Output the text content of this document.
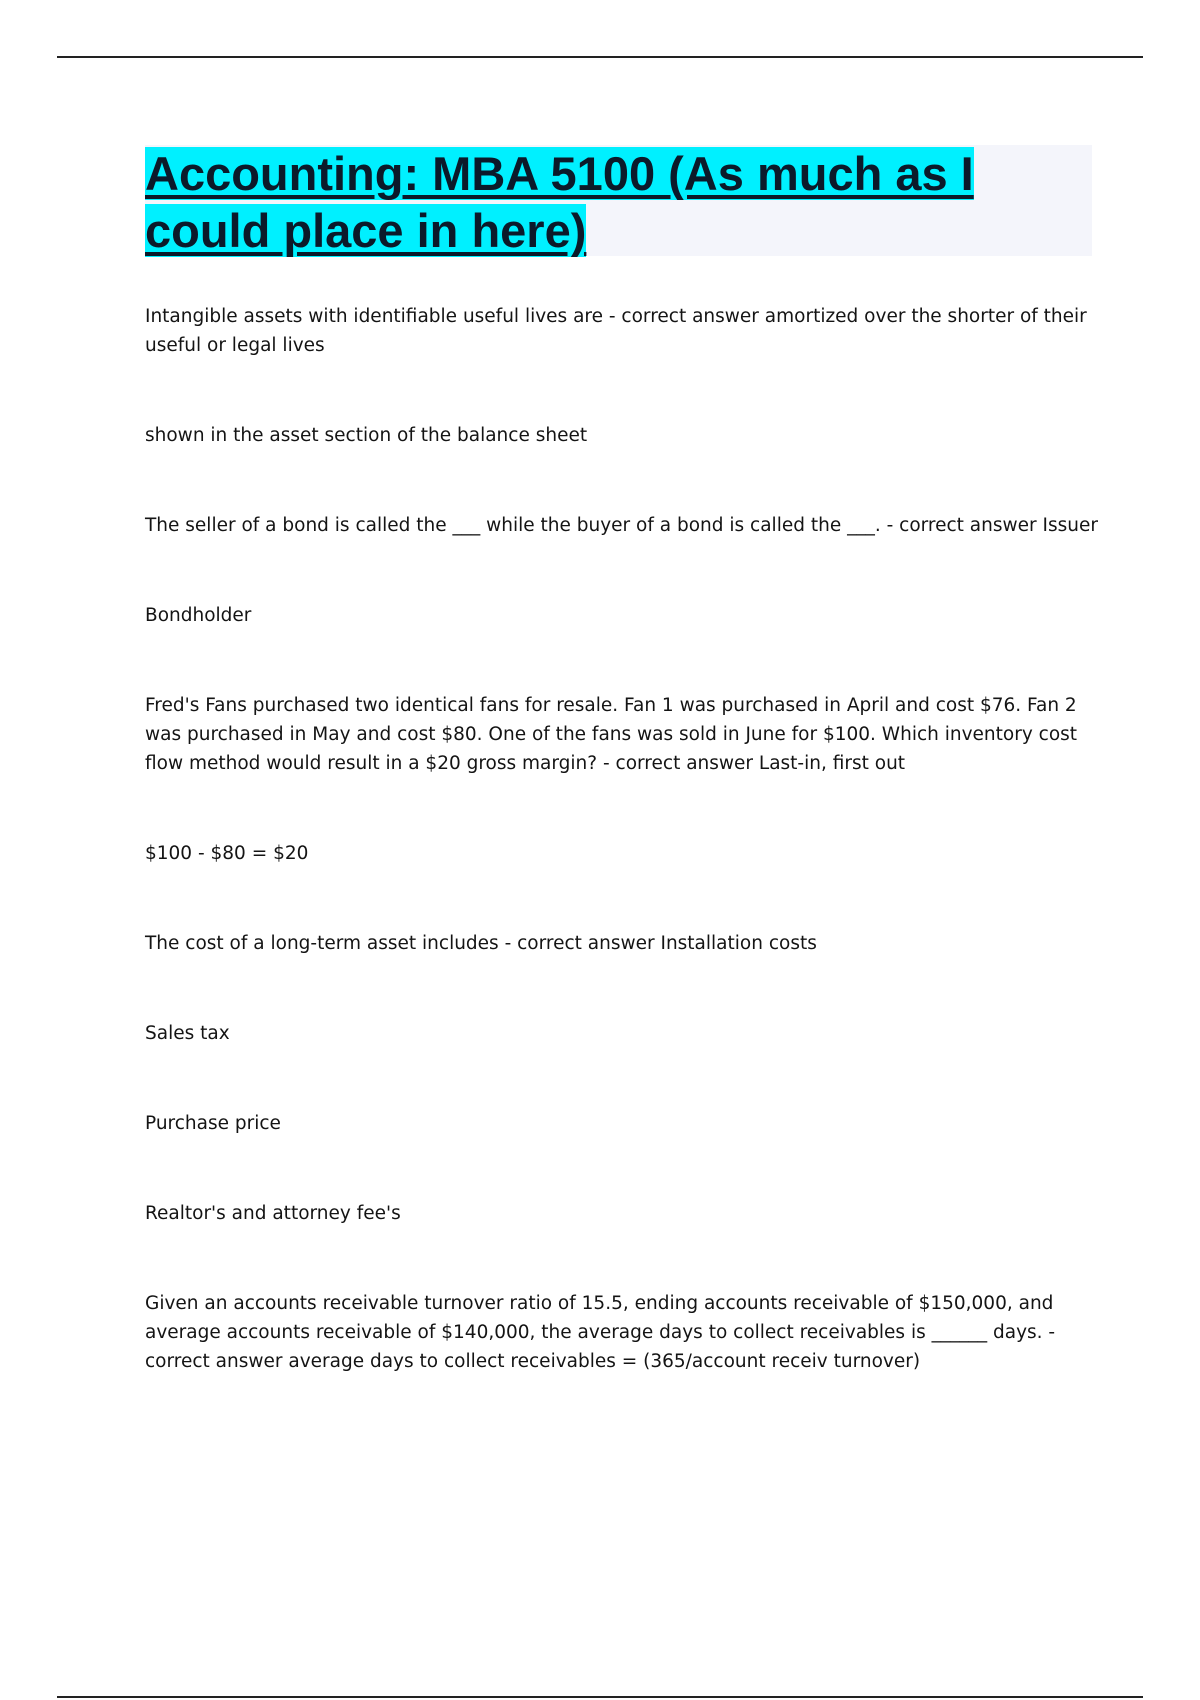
Accounting: MBA 5100 (As much as I could place in here)

Intangible assets with identifiable useful lives are - correct answer amortized over the shorter of their useful or legal lives

shown in the asset section of the balance sheet

The seller of a bond is called the ___ while the buyer of a bond is called the ___. - correct answer Issuer

Bondholder

Fred's Fans purchased two identical fans for resale. Fan 1 was purchased in April and cost $76. Fan 2 was purchased in May and cost $80. One of the fans was sold in June for $100. Which inventory cost flow method would result in a $20 gross margin? - correct answer Last-in, first out

$100 - $80 = $20

The cost of a long-term asset includes - correct answer Installation costs

Sales tax

Purchase price

Realtor's and attorney fee's

Given an accounts receivable turnover ratio of 15.5, ending accounts receivable of $150,000, and average accounts receivable of $140,000, the average days to collect receivables is ______ days. - correct answer average days to collect receivables = (365/account receiv turnover)
